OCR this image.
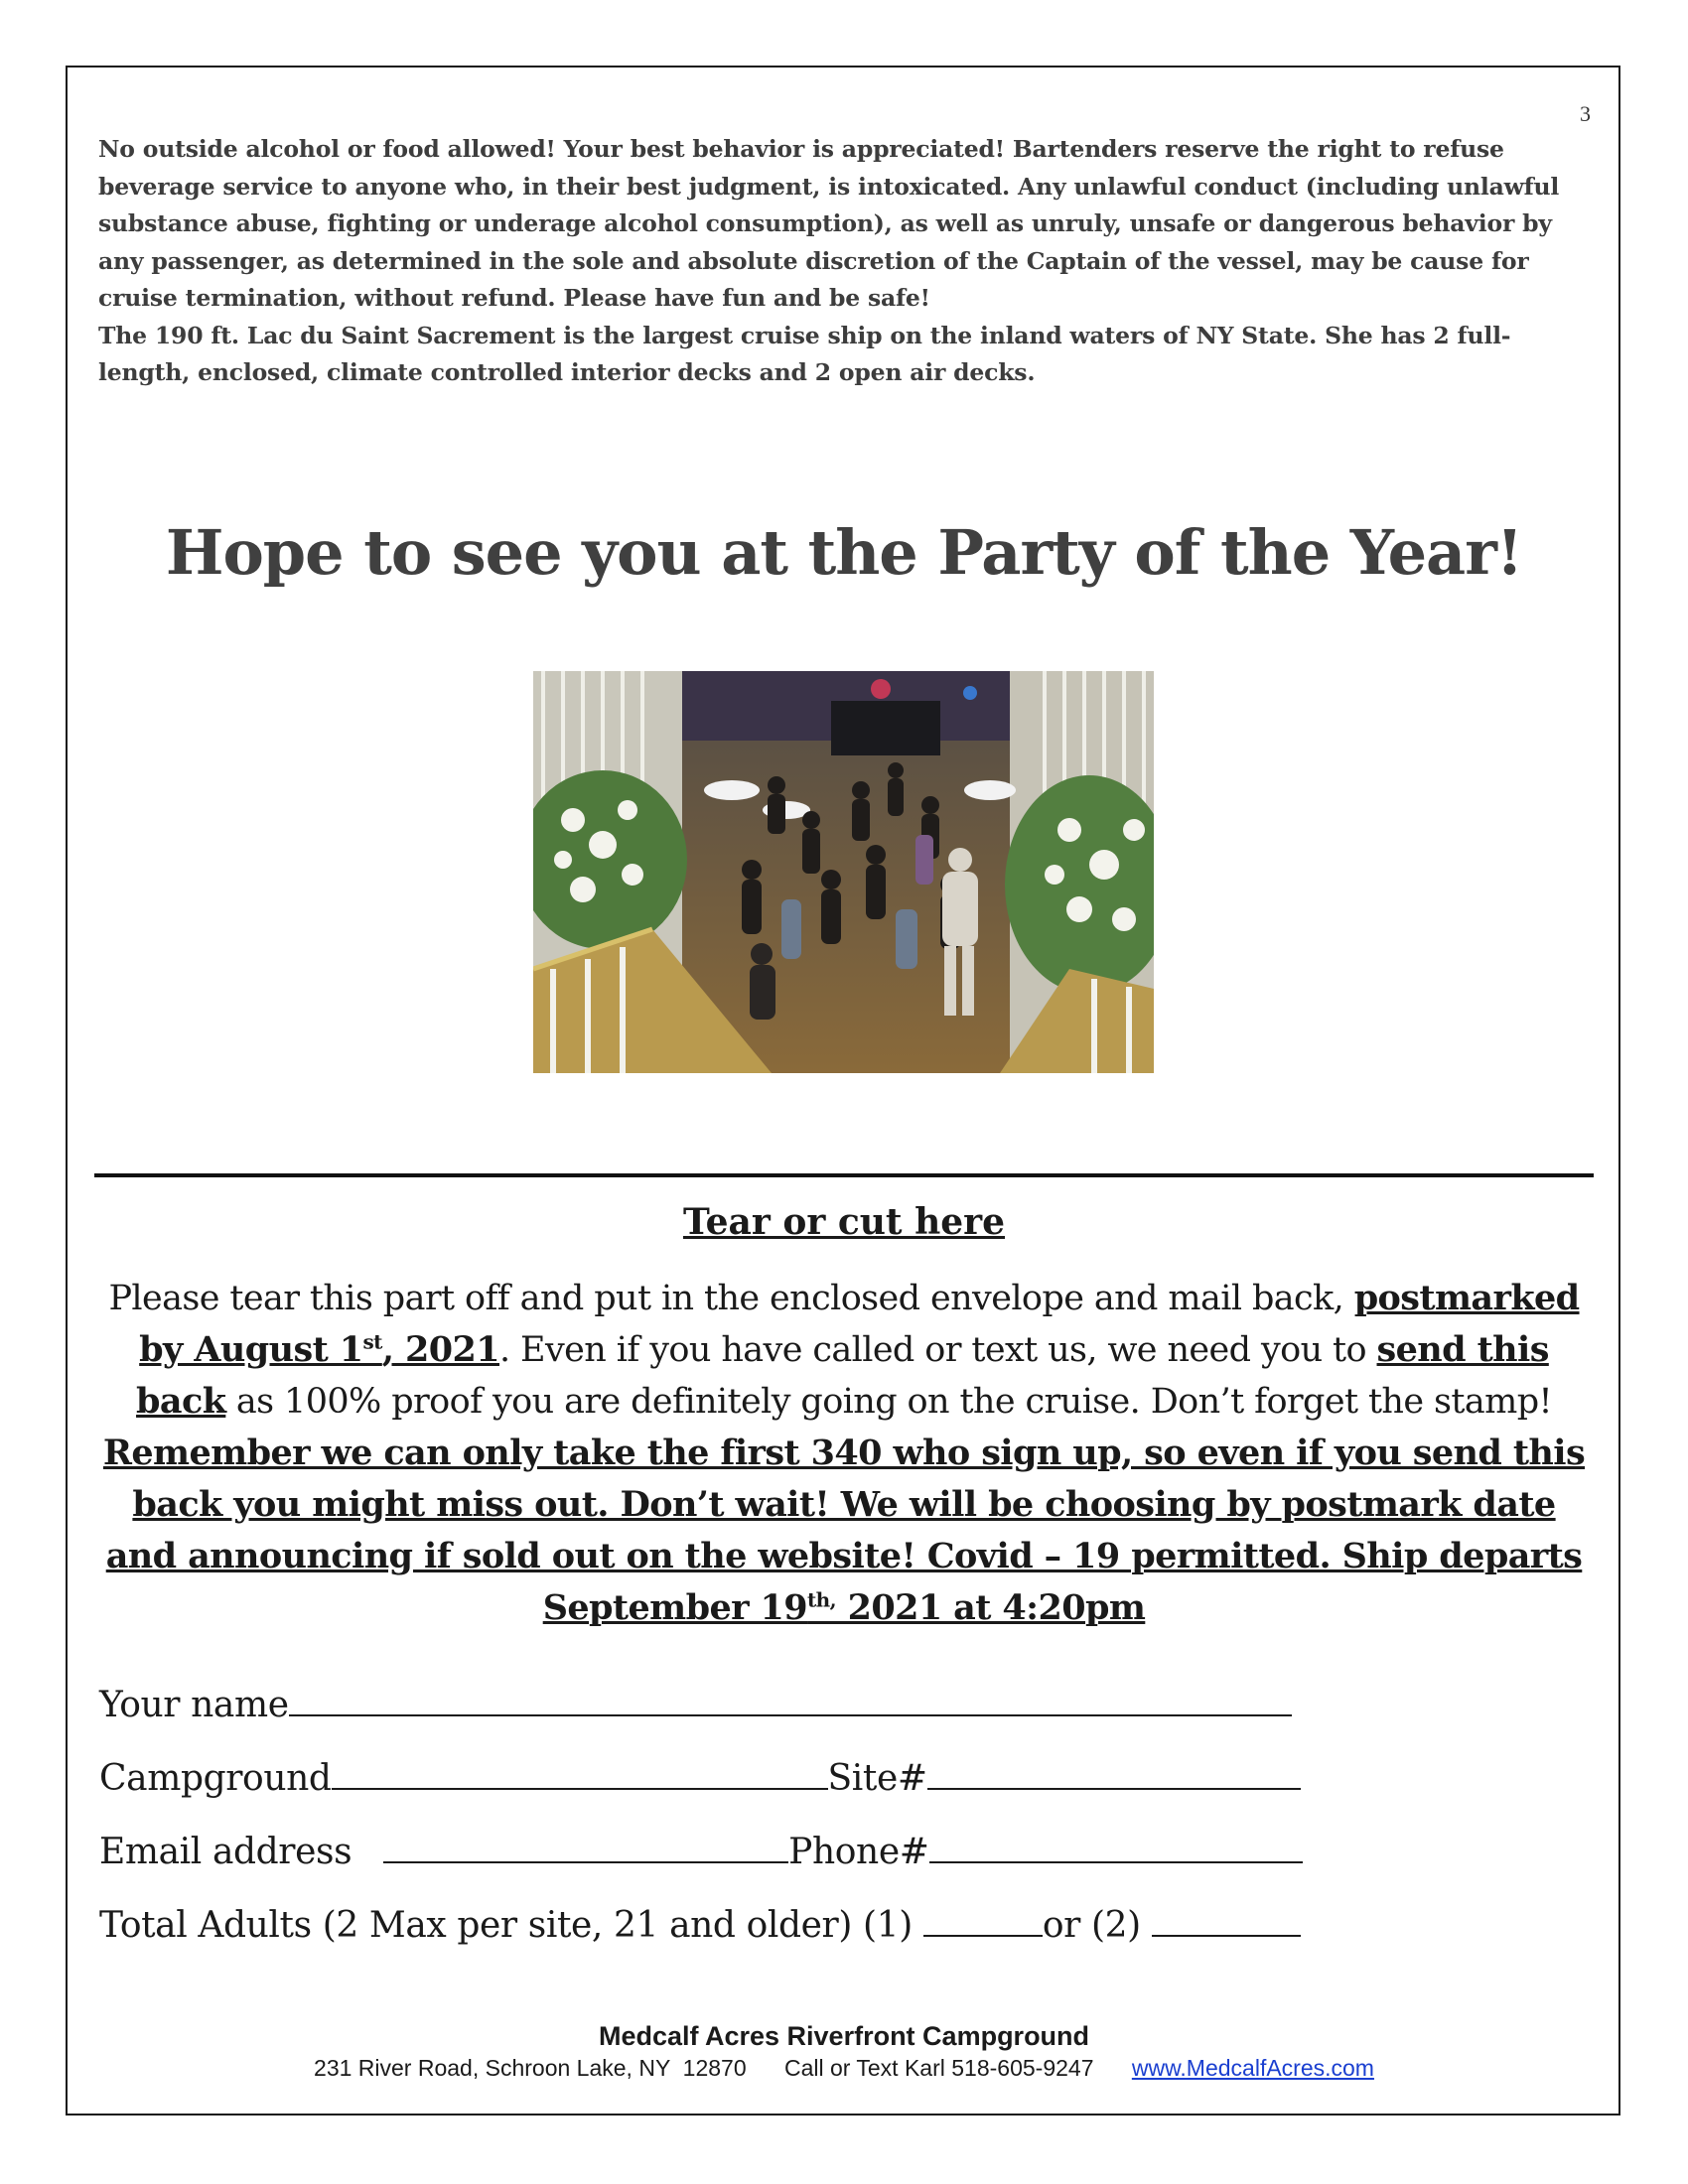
3

No outside alcohol or food allowed! Your best behavior is appreciated! Bartenders reserve the right to refuse beverage service to anyone who, in their best judgment, is intoxicated. Any unlawful conduct (including unlawful substance abuse, fighting or underage alcohol consumption), as well as unruly, unsafe or dangerous behavior by any passenger, as determined in the sole and absolute discretion of the Captain of the vessel, may be cause for cruise termination, without refund. Please have fun and be safe!

The 190 ft. Lac du Saint Sacrement is the largest cruise ship on the inland waters of NY State. She has 2 full-length, enclosed, climate controlled interior decks and 2 open air decks.

Hope to see you at the Party of the Year!
Tear or cut here
Please tear this part off and put in the enclosed envelope and mail back, postmarked by August 1st, 2021. Even if you have called or text us, we need you to send this back as 100% proof you are definitely going on the cruise. Don’t forget the stamp! Remember we can only take the first 340 who sign up, so even if you send this back you might miss out. Don’t wait! We will be choosing by postmark date and announcing if sold out on the website! Covid – 19 permitted. Ship departs September $19^{th,}$ 2021 at 4:20pm
Your name
Campground	Site#
Email address	Phone#
Total Adults (2 Max per site, 21 and older) (1)	or (2)
Medcalf Acres Riverfront Campground
231 River Road, Schroon Lake, NY  12870 Call or Text Karl 518-605-9247 www.MedcalfAcres.com
